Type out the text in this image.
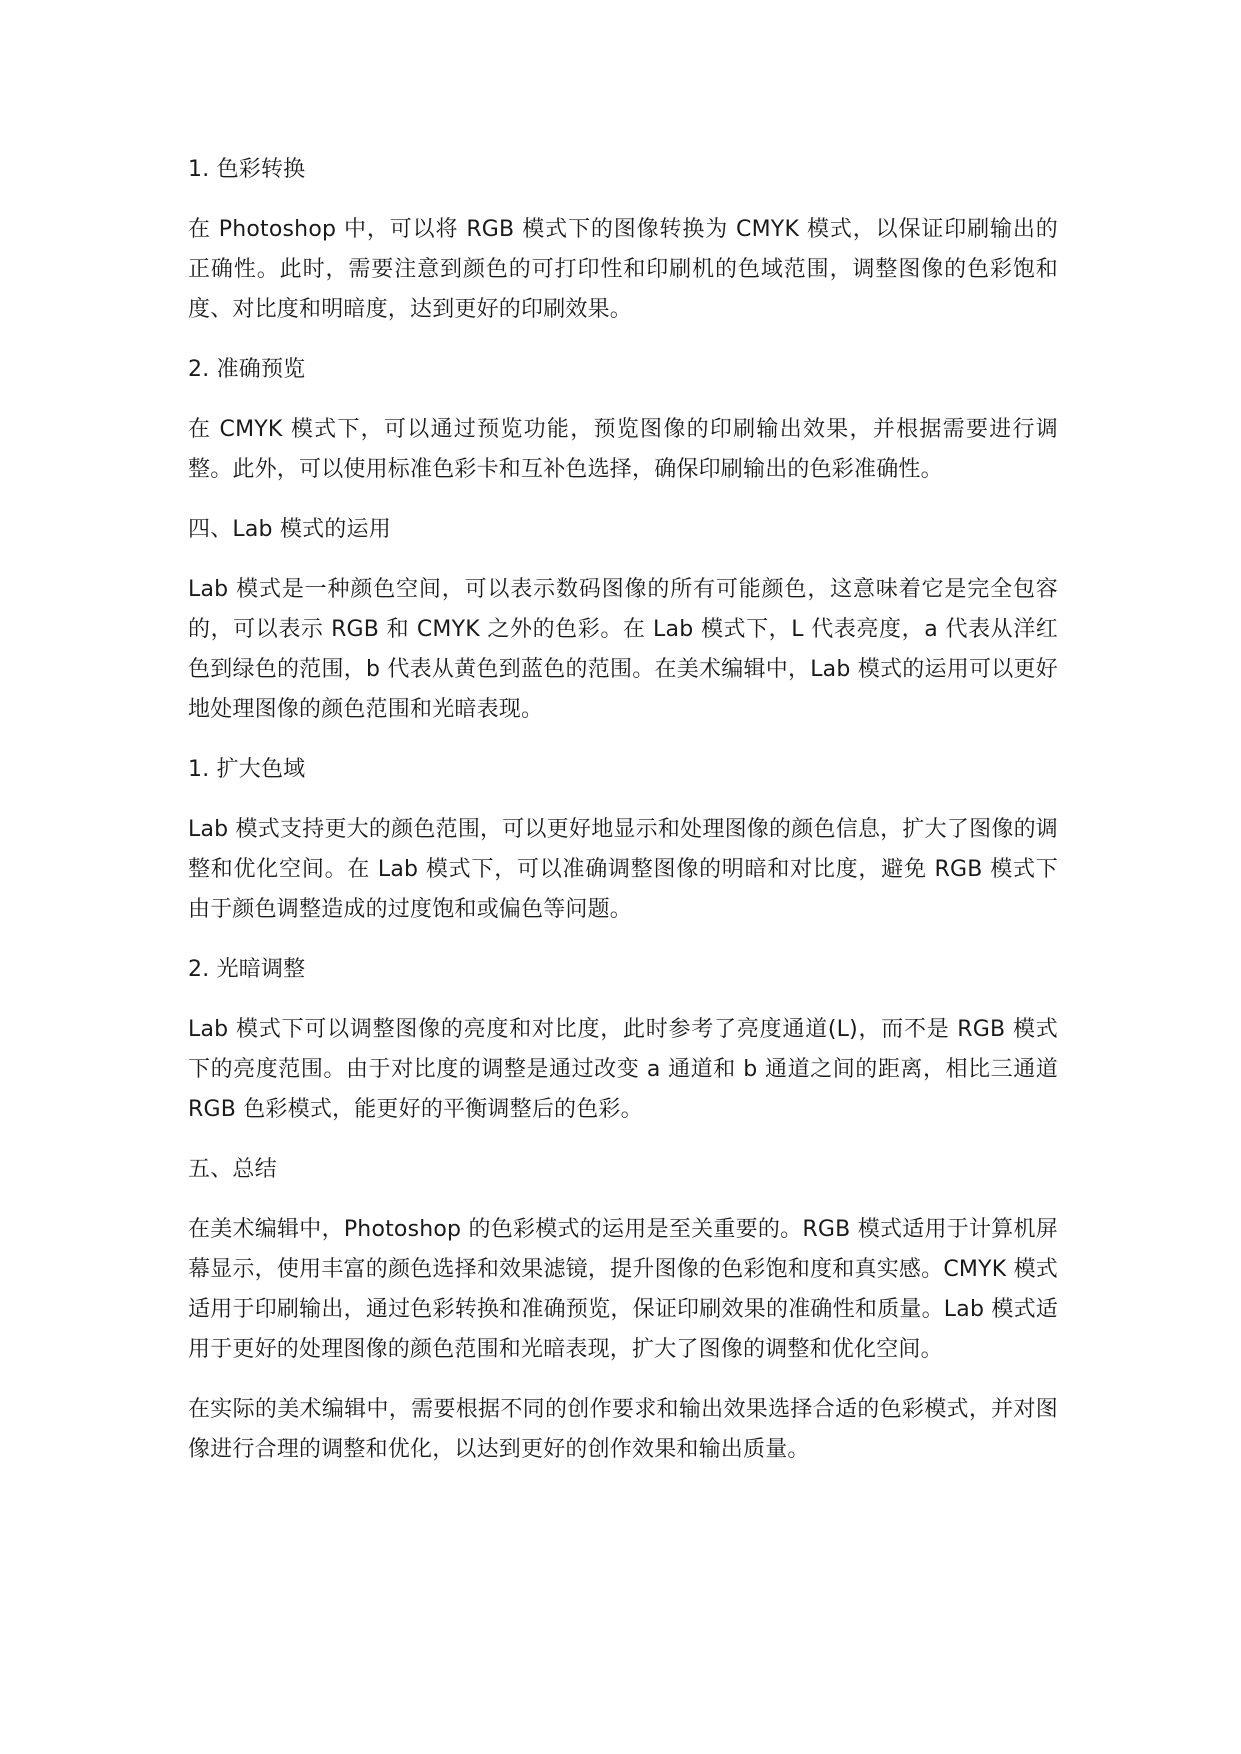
1. 色彩转换
在 Photoshop 中，可以将 RGB 模式下的图像转换为 CMYK 模式，以保证印刷输出的正确性。此时，需要注意到颜色的可打印性和印刷机的色域范围，调整图像的色彩饱和度、对比度和明暗度，达到更好的印刷效果。
2. 准确预览
在 CMYK 模式下，可以通过预览功能，预览图像的印刷输出效果，并根据需要进行调整。此外，可以使用标准色彩卡和互补色选择，确保印刷输出的色彩准确性。
四、Lab 模式的运用
Lab 模式是一种颜色空间，可以表示数码图像的所有可能颜色，这意味着它是完全包容的，可以表示 RGB 和 CMYK 之外的色彩。在 Lab 模式下，L 代表亮度，a 代表从洋红色到绿色的范围，b 代表从黄色到蓝色的范围。在美术编辑中，Lab 模式的运用可以更好地处理图像的颜色范围和光暗表现。
1. 扩大色域
Lab 模式支持更大的颜色范围，可以更好地显示和处理图像的颜色信息，扩大了图像的调整和优化空间。在 Lab 模式下，可以准确调整图像的明暗和对比度，避免 RGB 模式下由于颜色调整造成的过度饱和或偏色等问题。
2. 光暗调整
Lab 模式下可以调整图像的亮度和对比度，此时参考了亮度通道(L)，而不是 RGB 模式下的亮度范围。由于对比度的调整是通过改变 a 通道和 b 通道之间的距离，相比三通道 RGB 色彩模式，能更好的平衡调整后的色彩。
五、总结
在美术编辑中，Photoshop 的色彩模式的运用是至关重要的。RGB 模式适用于计算机屏幕显示，使用丰富的颜色选择和效果滤镜，提升图像的色彩饱和度和真实感。CMYK 模式适用于印刷输出，通过色彩转换和准确预览，保证印刷效果的准确性和质量。Lab 模式适用于更好的处理图像的颜色范围和光暗表现，扩大了图像的调整和优化空间。
在实际的美术编辑中，需要根据不同的创作要求和输出效果选择合适的色彩模式，并对图像进行合理的调整和优化，以达到更好的创作效果和输出质量。
